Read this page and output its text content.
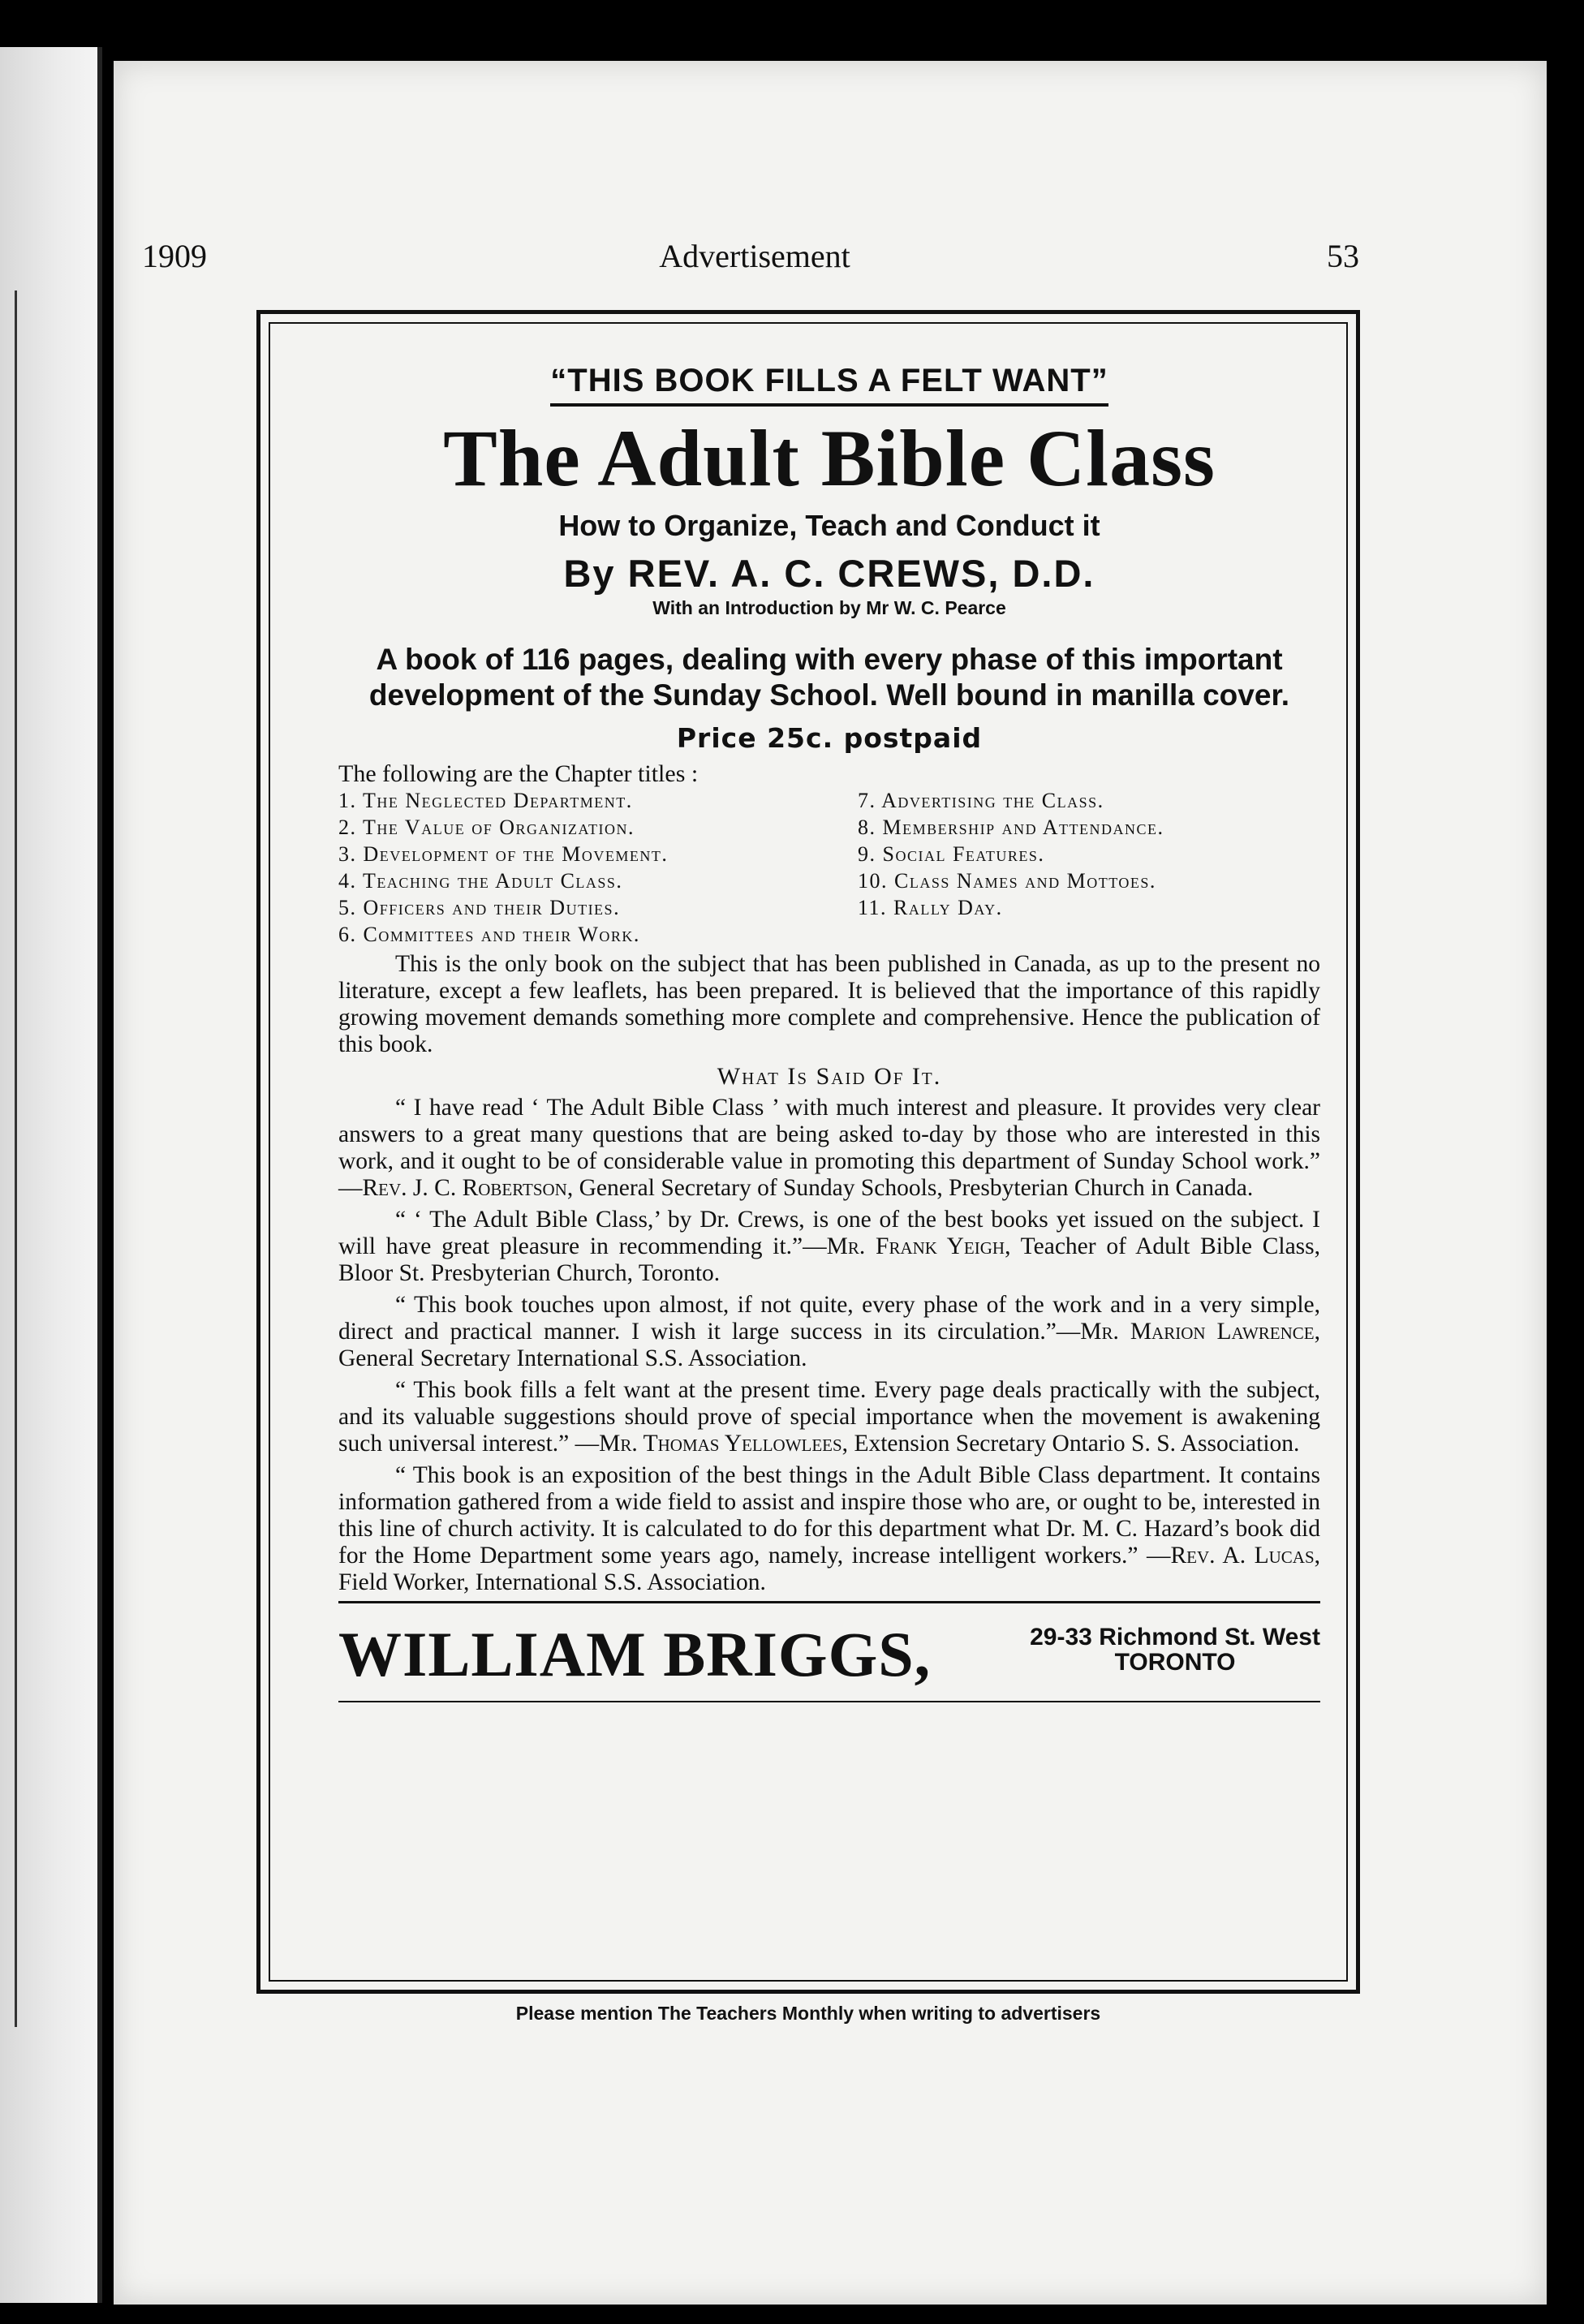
1909	Advertisement	53
“THIS BOOK FILLS A FELT WANT”
The Adult Bible Class
How to Organize, Teach and Conduct it
By REV. A. C. CREWS, D.D.
With an Introduction by Mr W. C. Pearce
A book of 116 pages, dealing with every phase of this important
development of the Sunday School. Well bound in manilla cover.
Price 25c. postpaid
The following are the Chapter titles :
1. The Neglected Department.
2. The Value of Organization.
3. Development of the Movement.
4. Teaching the Adult Class.
5. Officers and their Duties.
6. Committees and their Work.
7. Advertising the Class.
8. Membership and Attendance.
9. Social Features.
10. Class Names and Mottoes.
11. Rally Day.

This is the only book on the subject that has been published in Canada, as up to the present no literature, except a few leaflets, has been prepared. It is believed that the importance of this rapidly growing movement demands something more complete and comprehensive. Hence the publication of this book.

What Is Said Of It.

“ I have read ‘ The Adult Bible Class ’ with much interest and pleasure. It provides very clear answers to a great many questions that are being asked to-day by those who are interested in this work, and it ought to be of considerable value in promoting this department of Sunday School work.” —Rev. J. C. Robertson, General Secretary of Sunday Schools, Presbyterian Church in Canada.

“ ‘ The Adult Bible Class,’ by Dr. Crews, is one of the best books yet issued on the subject. I will have great pleasure in recommending it.”—Mr. Frank Yeigh, Teacher of Adult Bible Class, Bloor St. Presbyterian Church, Toronto.

“ This book touches upon almost, if not quite, every phase of the work and in a very simple, direct and practical manner. I wish it large success in its circulation.”—Mr. Marion Lawrence, General Secretary International S.S. Association.

“ This book fills a felt want at the present time. Every page deals practically with the subject, and its valuable suggestions should prove of special importance when the movement is awakening such universal interest.” —Mr. Thomas Yellowlees, Extension Secretary Ontario S. S. Association.

“ This book is an exposition of the best things in the Adult Bible Class department. It contains information gathered from a wide field to assist and inspire those who are, or ought to be, interested in this line of church activity. It is calculated to do for this department what Dr. M. C. Hazard’s book did for the Home Department some years ago, namely, increase intelligent workers.” —Rev. A. Lucas, Field Worker, International S.S. Association.

WILLIAM BRIGGS,	29-33 Richmond St. West
TORONTO
Please mention The Teachers Monthly when writing to advertisers
